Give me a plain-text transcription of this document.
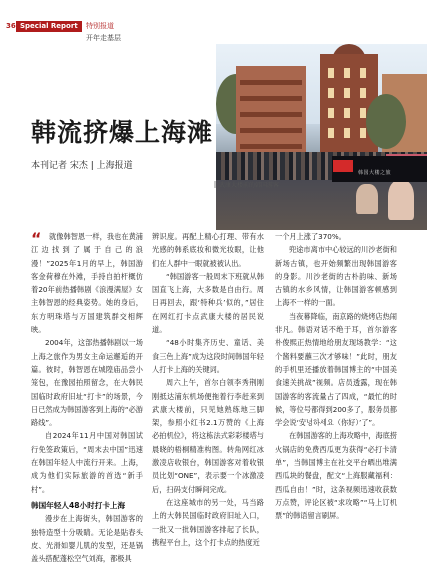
36 Special Report	特别报道
开年走基层
韩国大楼之旅
武康大楼前的韩国游客
韩流挤爆上海滩
本刊记者 宋杰 | 上海报道
“	就像韩智恩一样，我也在黄浦江边找到了属于自己的浪漫！”2025年1月的早上，韩国游客金荷穆在外滩，手持自拍杆概仿着20年前热播韩剧《浪漫满屋》女主韩智恩的经典姿势。她的身后，东方明珠塔与万国建筑群交相辉映。

2004年，这部热播韩剧以一场上海之旅作为男女主命运邂逅的开篇。彼时，韩智恩在城隍庙品尝小笼包，在豫园拍照留念，在大韩民国临时政府旧址“打卡”的场景，今日已然成为韩国游客到上海的“必游路线”。

自2024年11月中国对韩国试行免签政策后，“周末去中国”迅速在韩国年轻人中流行开来。上海，成为他们实际旅游的首选“新手村”。

韩国年轻人48小时打卡上海

漫步在上海街头，韩国游客的独特造型十分吸睛。无论是貼春头皮、光滑如婴儿肌的发型，还是锅盖头搭配蓬松空气刘海，都极具

辨识度。再配上精心打理、带有水光感的韩系底妆和微光妆眼，让他们在人群中一眼就被被认出。

“韩国游客一般周末下班就从韩国直飞上海，大多数是自由行。周日再回去，跟‘特种兵’似的，”居住在网红打卡点武康大楼的居民说道。

“48小时集齐历史、童话、美食三色上海”成为这段时间韩国年轻人打卡上海的关键词。

周六上午，首尔白领李秀荆刚刚抵达浦东机场便拖着行李赶来到武康大楼前，只见她熟练地三脚架，参照小红书2.1万赞的《上海必拍机位》，将这栋法式彩彩楼塔与晨晓的梧桐精准构图。转角网红冰激凌店收银台，韩国游客对着收银员比划“ONE”，表示要一个冰激凌后，扫码支付瞬间完成。

在这座城市的另一处，马当路上的大韩民国临时政府旧址入口，一批又一批韩国游客排起了长队，携程平台上，这个打卡点的热度近

一个月上涨了370%。

兜途市离市中心较远的川沙老街和新场古镇，也开始频繁出现韩国游客的身影。川沙老街的古朴韵味、新场古镇的水乡风情，让韩国游客顿感到上海不一样的一面。

当夜幕降临，南京路的烧烤店热闹非凡。韩语对话不绝于耳，首尔游客朴俊熙正热情地给朋友现场教学：“这个酱料要蘸三次才够味！”此时，朋友的手机里还播放着韩国博主的“中国美食速关挑战”视频。店员透露，现在韩国游客的客流量占了四成，“最忙的时候，等位号都得到200多了，服务员都学会说‘安녕하세요（你好）’了”。

在韩国游客的上海攻略中，海底捞火锅店的免费西瓜更为获得“必打卡清单”，当韩国博主在社交平台晒出堆满西瓜块的餐盘，配文“上海服藏福利：西瓜自由！”时，这条视频迅速收获数万点赞，评论区被“求攻略”“马上订机票”的韩语留言刷屏。
